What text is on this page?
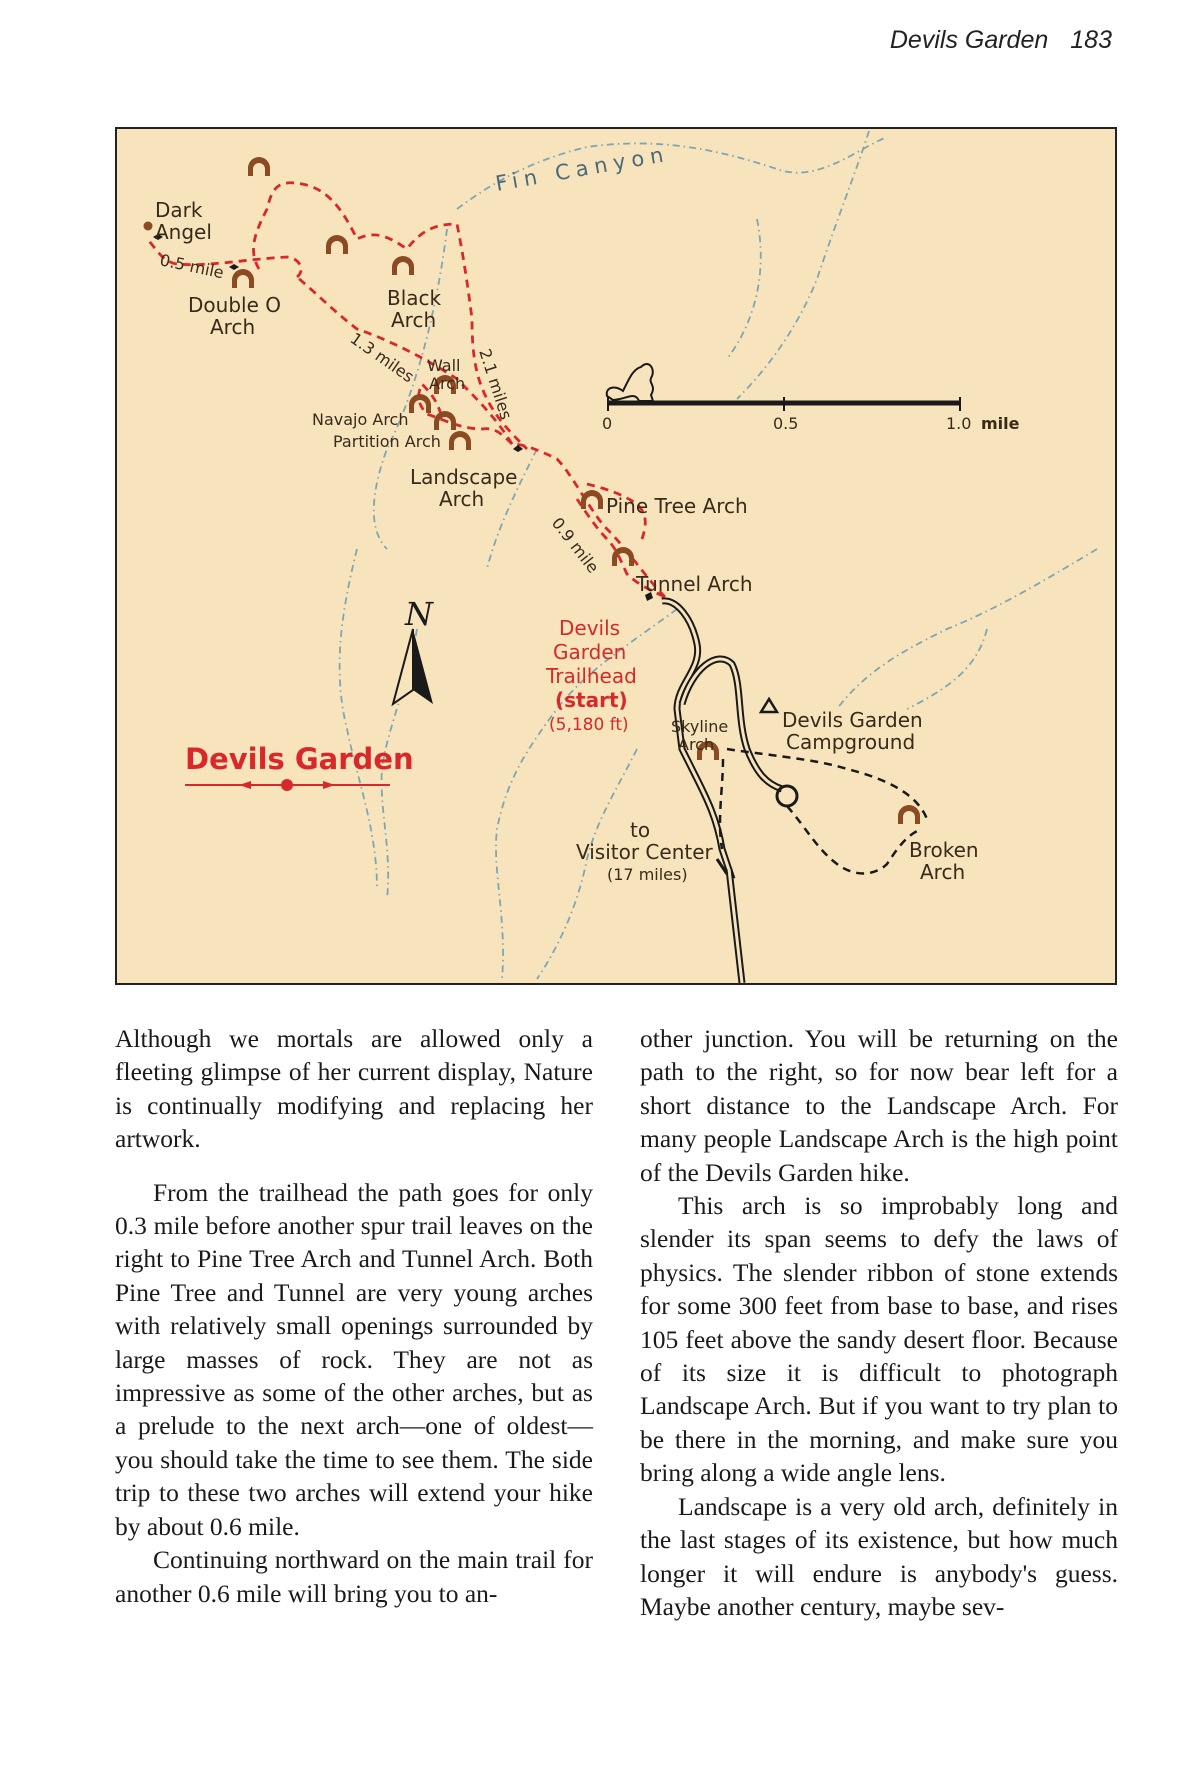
Devils Garden 183
Fin Canyon
Dark
Angel
Double O
Arch
Black
Arch
Wall
Arch
Navajo Arch
Partition Arch
Landscape
Arch	Pine Tree Arch
Tunnel Arch
Devils
Garden
Trailhead
(start)
(5,180 ft)	Skyline
Arch
Devils Garden
Campground
to
Visitor Center
(17 miles)
Broken
Arch
0.5 mile
1.3 miles	2.1 miles
0.9 mile
0	0.5	1.0 mile
N
Devils Garden

Although we mortals are allowed only a fleeting glimpse of her current display, Nature is continually modifying and replacing her artwork.

From the trailhead the path goes for only 0.3 mile before another spur trail leaves on the right to Pine Tree Arch and Tunnel Arch. Both Pine Tree and Tunnel are very young arches with relatively small openings surrounded by large masses of rock. They are not as impressive as some of the other arches, but as a prelude to the next arch—one of oldest—you should take the time to see them. The side trip to these two arches will extend your hike by about 0.6 mile.

Continuing northward on the main trail for another 0.6 mile will bring you to an-

other junction. You will be returning on the path to the right, so for now bear left for a short distance to the Landscape Arch. For many people Landscape Arch is the high point of the Devils Garden hike.

This arch is so improbably long and slender its span seems to defy the laws of physics. The slender ribbon of stone extends for some 300 feet from base to base, and rises 105 feet above the sandy desert floor. Because of its size it is difficult to photograph Landscape Arch. But if you want to try plan to be there in the morning, and make sure you bring along a wide angle lens.

Landscape is a very old arch, definitely in the last stages of its existence, but how much longer it will endure is anybody's guess. Maybe another century, maybe sev-
